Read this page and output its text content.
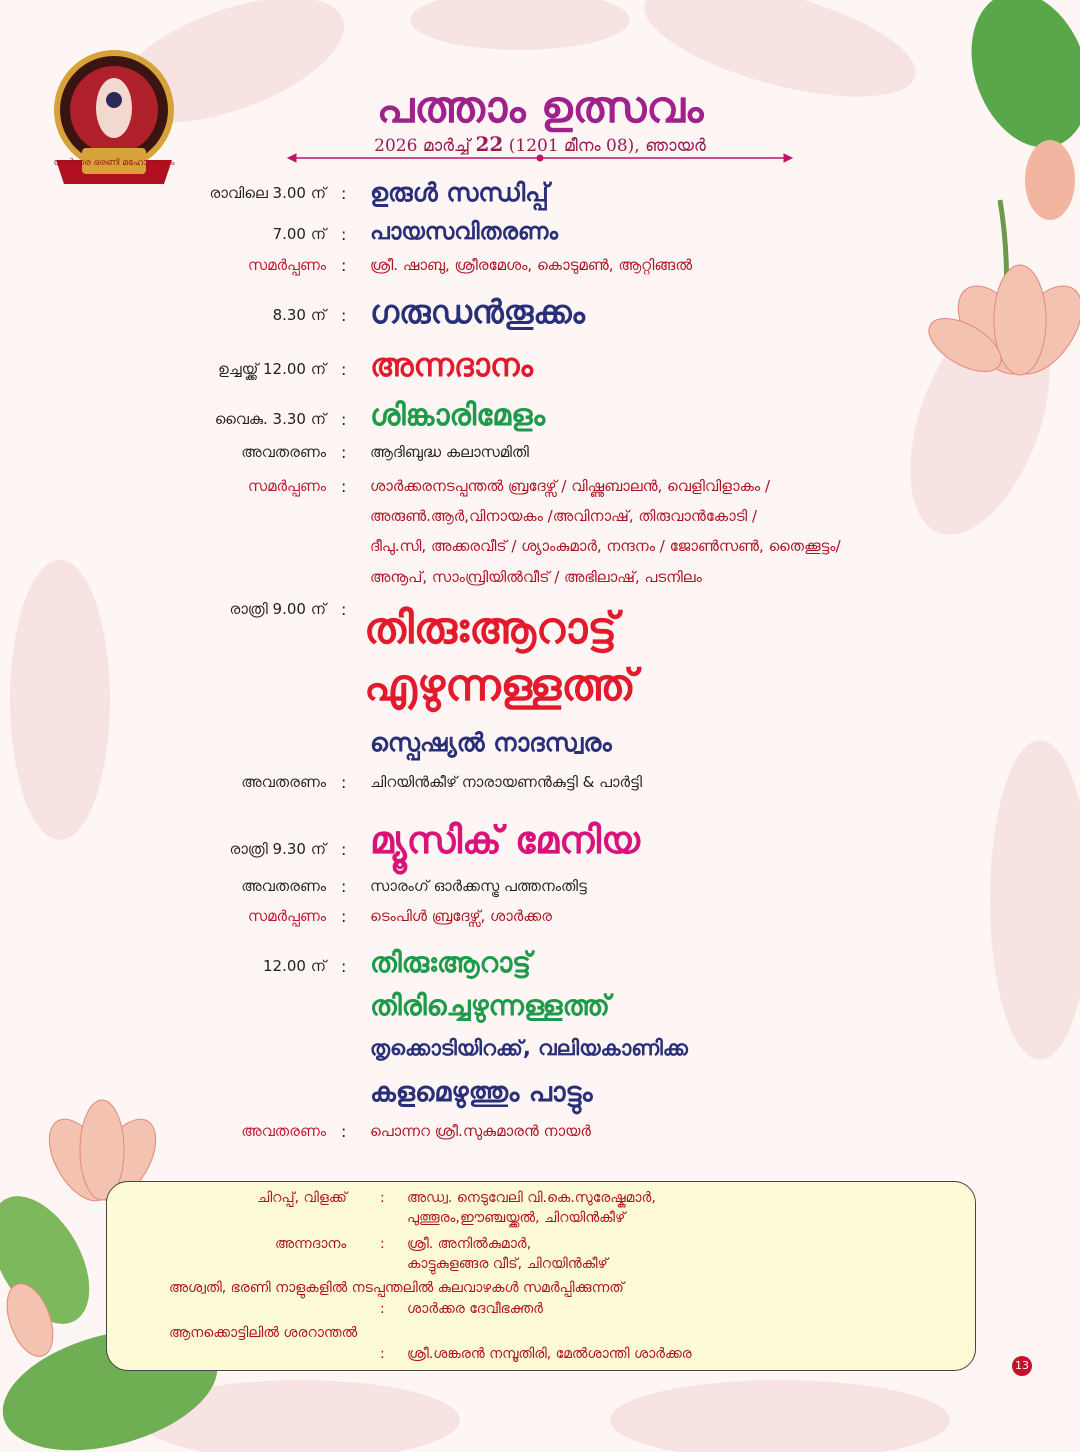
ശാർക്കര ഭരണി മഹോത്സവം
പത്താം ഉത്സവം
2026 മാർച്ച് 22 (1201 മീനം 08), ഞായർ
രാവിലെ 3.00 ന് : ഉരുൾ സന്ധിപ്പ്
7.00 ന് : പായസവിതരണം
സമർപ്പണം : ശ്രീ. ഷാബു, ശ്രീരമേശം, കൊടുമൺ, ആറ്റിങ്ങൽ
8.30 ന് : ഗരുഡൻതൂക്കം
ഉച്ചയ്ക്ക് 12.00 ന് : അന്നദാനം
വൈകു. 3.30 ന് : ശിങ്കാരിമേളം
അവതരണം : ആദിബുദ്ധ കലാസമിതി
സമർപ്പണം : ശാർക്കരനടപ്പന്തൽ ബ്രദേഴ്സ് / വിഷ്ണുബാലൻ, വെളിവിളാകം /
അരുൺ.ആർ,വിനായകം /അവിനാഷ്, തിരുവാൻകോടി /
ദീപു.സി, അക്കരവീട് / ശ്യാംകുമാർ, നന്ദനം / ജോൺസൺ, തൈക്കൂട്ടം/
അനൂപ്, സാംമ്പ്രിയിൽവീട് / അഭിലാഷ്, പടനിലം
രാത്രി 9.00 ന് : തിരുഃആറാട്ട്
എഴുന്നള്ളത്ത്
സ്പെഷ്യൽ നാദസ്വരം
അവതരണം : ചിറയിൻകീഴ് നാരായണൻകുട്ടി & പാർട്ടി
രാത്രി 9.30 ന് : മ്യൂസിക് മേനിയ
അവതരണം : സാരംഗ് ഓർക്കസ്ട്ര പത്തനംതിട്ട
സമർപ്പണം : ടെംപിൾ ബ്രദേഴ്സ്, ശാർക്കര
12.00 ന് : തിരുഃആറാട്ട്
തിരിച്ചെഴുന്നള്ളത്ത്
തൃക്കൊടിയിറക്ക്, വലിയകാണിക്ക
കളമെഴുത്തും പാട്ടും
അവതരണം : പൊന്നറ ശ്രീ.സുകുമാരൻ നായർ
ചിറപ്പ്, വിളക്ക് : അഡ്വ. നെടുവേലി വി.കെ.സുരേഷ്കുമാർ,
പുത്തൂരം,ഈഞ്ചയ്ക്കൽ, ചിറയിൻകീഴ്
അന്നദാനം : ശ്രീ. അനിൽകുമാർ,
കാട്ടുകുളങ്ങര വീട്, ചിറയിൻകീഴ്
അശ്വതി, ഭരണി നാളുകളിൽ നടപ്പന്തലിൽ കുലവാഴകൾ സമർപ്പിക്കുന്നത്
: ശാർക്കര ദേവീഭക്തർ
ആനക്കൊട്ടിലിൽ ശരറാന്തൽ
: ശ്രീ.ശങ്കരൻ നമ്പൂതിരി, മേൽശാന്തി ശാർക്കര
13
